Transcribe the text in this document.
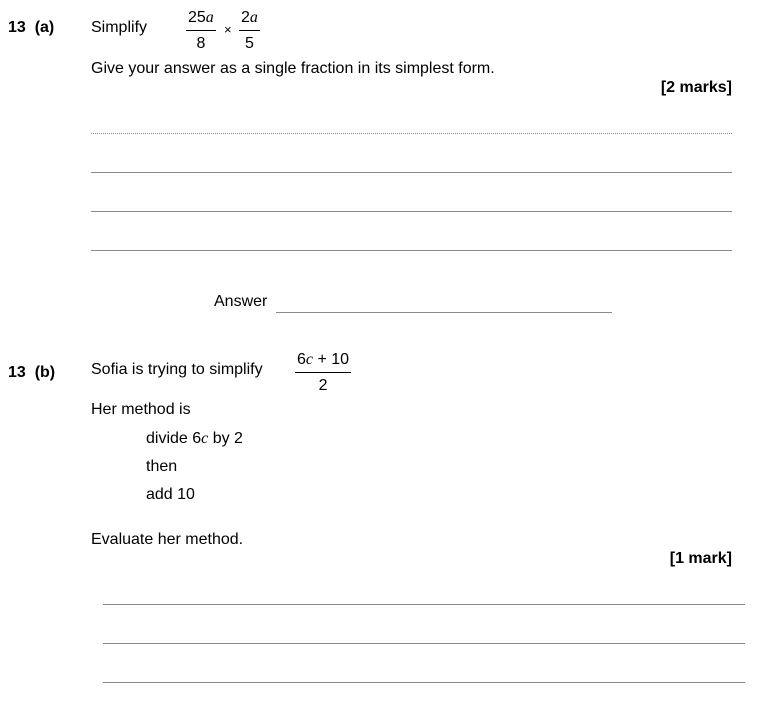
13 (a) Simplify
25 a
8
×
2 a
5
Give your answer as a single fraction in its simplest form.
[2 marks]
Answer
13 (b) Sofia is trying to simplify
6 c + 10
2
Her method is
divide 6c by 2
then
add 10
Evaluate her method.
[1 mark]
